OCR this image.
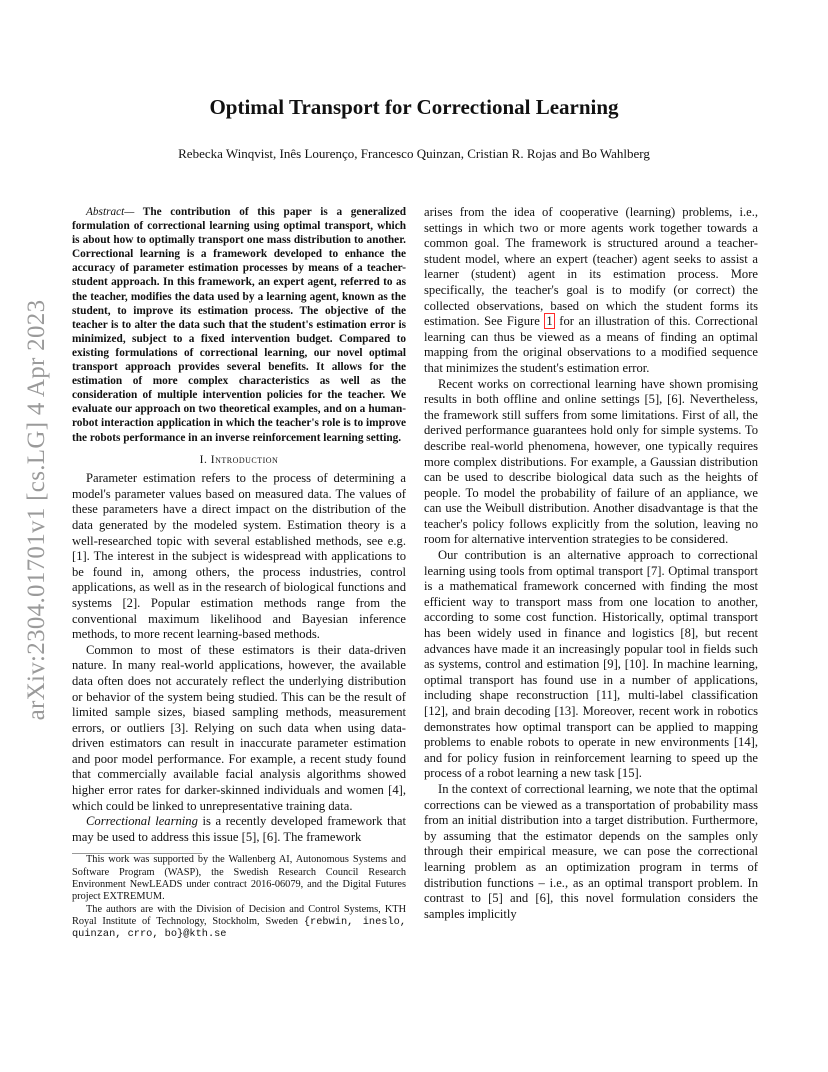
arXiv:2304.01701v1 [cs.LG] 4 Apr 2023
Optimal Transport for Correctional Learning
Rebecka Winqvist, Inês Lourenço, Francesco Quinzan, Cristian R. Rojas and Bo Wahlberg

Abstract— The contribution of this paper is a generalized formulation of correctional learning using optimal transport, which is about how to optimally transport one mass distribution to another. Correctional learning is a framework developed to enhance the accuracy of parameter estimation processes by means of a teacher-student approach. In this framework, an expert agent, referred to as the teacher, modifies the data used by a learning agent, known as the student, to improve its estimation process. The objective of the teacher is to alter the data such that the student's estimation error is minimized, subject to a fixed intervention budget. Compared to existing formulations of correctional learning, our novel optimal transport approach provides several benefits. It allows for the estimation of more complex characteristics as well as the consideration of multiple intervention policies for the teacher. We evaluate our approach on two theoretical examples, and on a human-robot interaction application in which the teacher's role is to improve the robots performance in an inverse reinforcement learning setting.

I. Introduction

Parameter estimation refers to the process of determining a model's parameter values based on measured data. The values of these parameters have a direct impact on the distribution of the data generated by the modeled system. Estimation theory is a well-researched topic with several established methods, see e.g. [1]. The interest in the subject is widespread with applications to be found in, among others, the process industries, control applications, as well as in the research of biological functions and systems [2]. Popular estimation methods range from the conventional maximum likelihood and Bayesian inference methods, to more recent learning-based methods.

Common to most of these estimators is their data-driven nature. In many real-world applications, however, the available data often does not accurately reflect the underlying distribution or behavior of the system being studied. This can be the result of limited sample sizes, biased sampling methods, measurement errors, or outliers [3]. Relying on such data when using data-driven estimators can result in inaccurate parameter estimation and poor model performance. For example, a recent study found that commercially available facial analysis algorithms showed higher error rates for darker-skinned individuals and women [4], which could be linked to unrepresentative training data.

Correctional learning is a recently developed framework that may be used to address this issue [5], [6]. The framework

This work was supported by the Wallenberg AI, Autonomous Systems and Software Program (WASP), the Swedish Research Council Research Environment NewLEADS under contract 2016-06079, and the Digital Futures project EXTREMUM.

The authors are with the Division of Decision and Control Systems, KTH Royal Institute of Technology, Stockholm, Sweden {rebwin, ineslo, quinzan, crro, bo}@kth.se

arises from the idea of cooperative (learning) problems, i.e., settings in which two or more agents work together towards a common goal. The framework is structured around a teacher-student model, where an expert (teacher) agent seeks to assist a learner (student) agent in its estimation process. More specifically, the teacher's goal is to modify (or correct) the collected observations, based on which the student forms its estimation. See Figure 1 for an illustration of this. Correctional learning can thus be viewed as a means of finding an optimal mapping from the original observations to a modified sequence that minimizes the student's estimation error.

Recent works on correctional learning have shown promising results in both offline and online settings [5], [6]. Nevertheless, the framework still suffers from some limitations. First of all, the derived performance guarantees hold only for simple systems. To describe real-world phenomena, however, one typically requires more complex distributions. For example, a Gaussian distribution can be used to describe biological data such as the heights of people. To model the probability of failure of an appliance, we can use the Weibull distribution. Another disadvantage is that the teacher's policy follows explicitly from the solution, leaving no room for alternative intervention strategies to be considered.

Our contribution is an alternative approach to correctional learning using tools from optimal transport [7]. Optimal transport is a mathematical framework concerned with finding the most efficient way to transport mass from one location to another, according to some cost function. Historically, optimal transport has been widely used in finance and logistics [8], but recent advances have made it an increasingly popular tool in fields such as systems, control and estimation [9], [10]. In machine learning, optimal transport has found use in a number of applications, including shape reconstruction [11], multi-label classification [12], and brain decoding [13]. Moreover, recent work in robotics demonstrates how optimal transport can be applied to mapping problems to enable robots to operate in new environments [14], and for policy fusion in reinforcement learning to speed up the process of a robot learning a new task [15].

In the context of correctional learning, we note that the optimal corrections can be viewed as a transportation of probability mass from an initial distribution into a target distribution. Furthermore, by assuming that the estimator depends on the samples only through their empirical measure, we can pose the correctional learning problem as an optimization program in terms of distribution functions – i.e., as an optimal transport problem. In contrast to [5] and [6], this novel formulation considers the samples implicitly
